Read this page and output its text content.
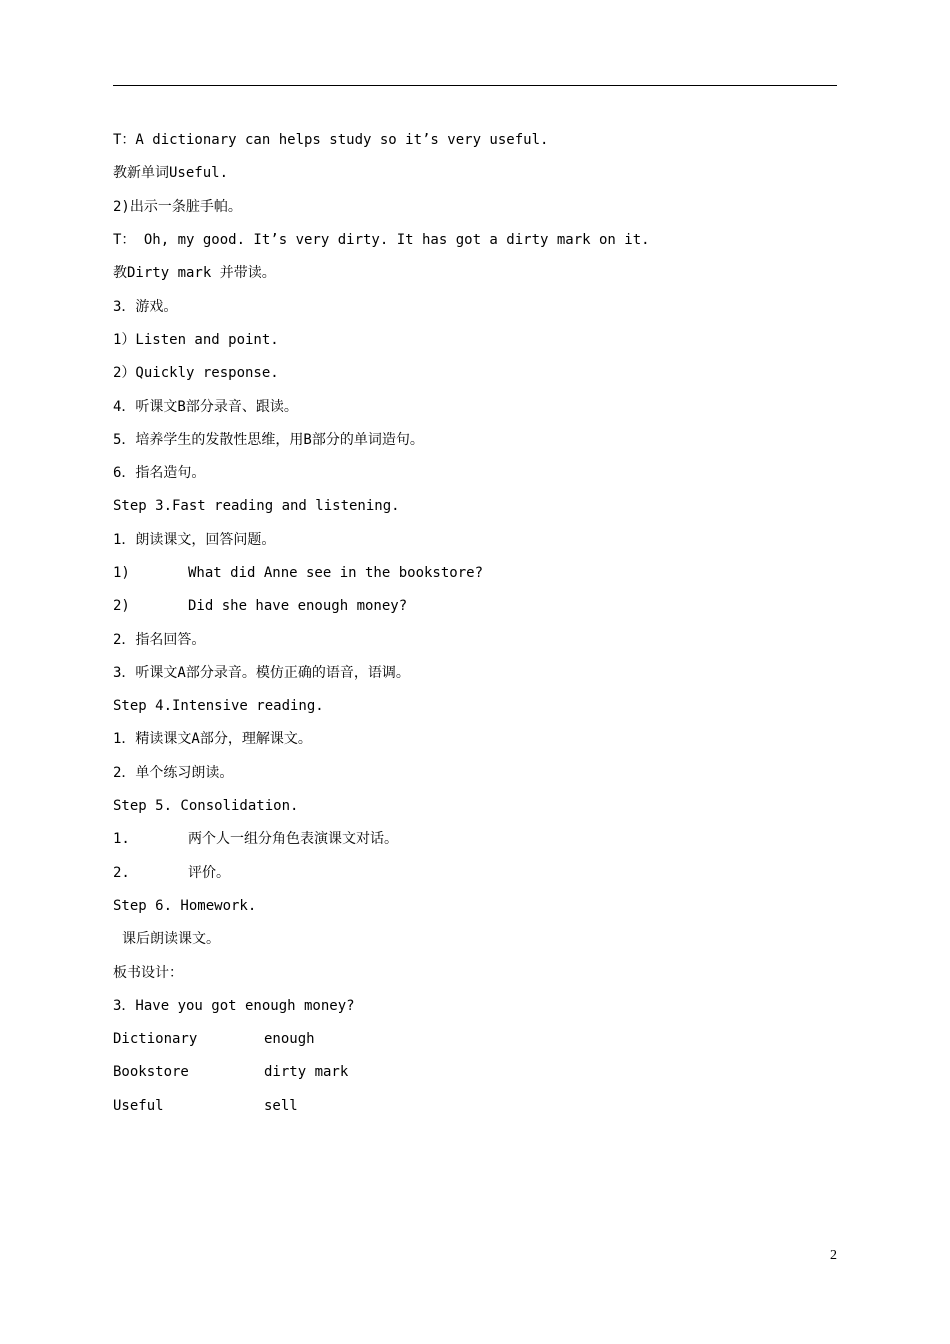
T：A dictionary can helps study so it’s very useful.
教新单词Useful.
2)出示一条脏手帕。
T： Oh, my good. It’s very dirty. It has got a dirty mark on it.
教Dirty mark 并带读。
3．游戏。
1）Listen and point.
2）Quickly response.
4．听课文B部分录音、跟读。
5．培养学生的发散性思维，用B部分的单词造句。
6．指名造句。
Step 3.Fast reading and listening.
1．朗读课文，回答问题。
1)	What did Anne see in the bookstore?
2)	Did she have enough money?
2．指名回答。
3．听课文A部分录音。模仿正确的语音，语调。
Step 4.Intensive reading.
1．精读课文A部分，理解课文。
2．单个练习朗读。
Step 5. Consolidation.
1.	两个人一组分角色表演课文对话。
2.	评价。
Step 6. Homework.
课后朗读课文。
板书设计：
3．Have you got enough money?
Dictionary	enough
Bookstore	dirty mark
Useful	sell
2
